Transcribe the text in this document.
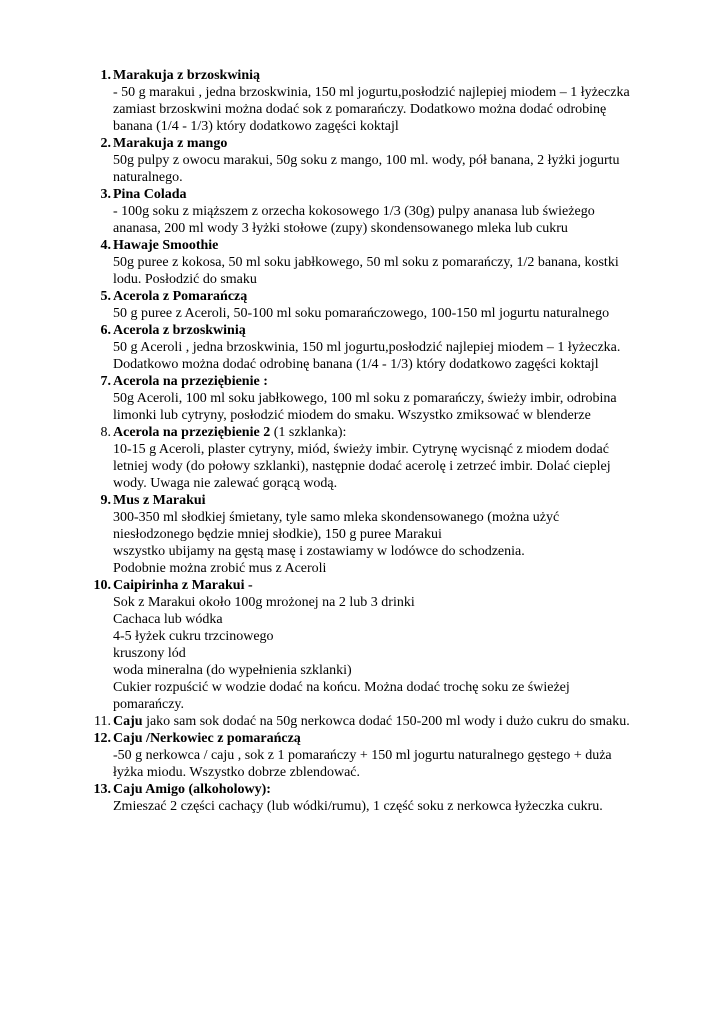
1. Marakuja z brzoskwinią
- 50 g marakui , jedna brzoskwinia, 150 ml jogurtu,posłodzić najlepiej miodem – 1 łyżeczka
zamiast brzoskwini można dodać sok z pomarańczy. Dodatkowo można dodać odrobinę
banana (1/4 - 1/3) który dodatkowo zagęści koktajl
2. Marakuja z mango
50g pulpy z owocu marakui, 50g soku z mango, 100 ml. wody, pół banana, 2 łyżki jogurtu
naturalnego.
3. Pina Colada
- 100g soku z miąższem z orzecha kokosowego 1/3 (30g) pulpy ananasa lub świeżego
ananasa, 200 ml wody 3 łyżki stołowe (zupy) skondensowanego mleka lub cukru
4. Hawaje Smoothie
50g puree z kokosa, 50 ml soku jabłkowego, 50 ml soku z pomarańczy, 1/2 banana, kostki
lodu. Posłodzić do smaku
5. Acerola z Pomarańczą
50 g puree z Aceroli, 50-100 ml soku pomarańczowego, 100-150 ml jogurtu naturalnego
6. Acerola z brzoskwinią
50 g Aceroli , jedna brzoskwinia, 150 ml jogurtu,posłodzić najlepiej miodem – 1 łyżeczka.
Dodatkowo można dodać odrobinę banana (1/4 - 1/3) który dodatkowo zagęści koktajl
7. Acerola na przeziębienie :
50g Aceroli, 100 ml soku jabłkowego, 100 ml soku z pomarańczy, świeży imbir, odrobina
limonki lub cytryny, posłodzić miodem do smaku. Wszystko zmiksować w blenderze
8. Acerola na przeziębienie 2 (1 szklanka):
10-15 g Aceroli, plaster cytryny, miód, świeży imbir. Cytrynę wycisnąć z miodem dodać
letniej wody (do połowy szklanki), następnie dodać acerolę i zetrzeć imbir. Dolać cieplej
wody. Uwaga nie zalewać gorącą wodą.
9. Mus z Marakui
300-350 ml słodkiej śmietany, tyle samo mleka skondensowanego (można użyć
niesłodzonego będzie mniej słodkie), 150 g puree Marakui
wszystko ubijamy na gęstą masę i zostawiamy w lodówce do schodzenia.
Podobnie można zrobić mus z Aceroli
10. Caipirinha z Marakui -
Sok z Marakui około 100g mrożonej na 2 lub 3 drinki
Cachaca lub wódka
4-5 łyżek cukru trzcinowego
kruszony lód
woda mineralna (do wypełnienia szklanki)
Cukier rozpuścić w wodzie dodać na końcu. Można dodać trochę soku ze świeżej
pomarańczy.
11. Caju jako sam sok dodać na 50g nerkowca dodać 150-200 ml wody i dużo cukru do smaku.
12. Caju /Nerkowiec z pomarańczą
-50 g nerkowca / caju , sok z 1 pomarańczy + 150 ml jogurtu naturalnego gęstego + duża
łyżka miodu. Wszystko dobrze zblendować.
13. Caju Amigo (alkoholowy):
Zmieszać 2 części cachaçy (lub wódki/rumu), 1 część soku z nerkowca łyżeczka cukru.
